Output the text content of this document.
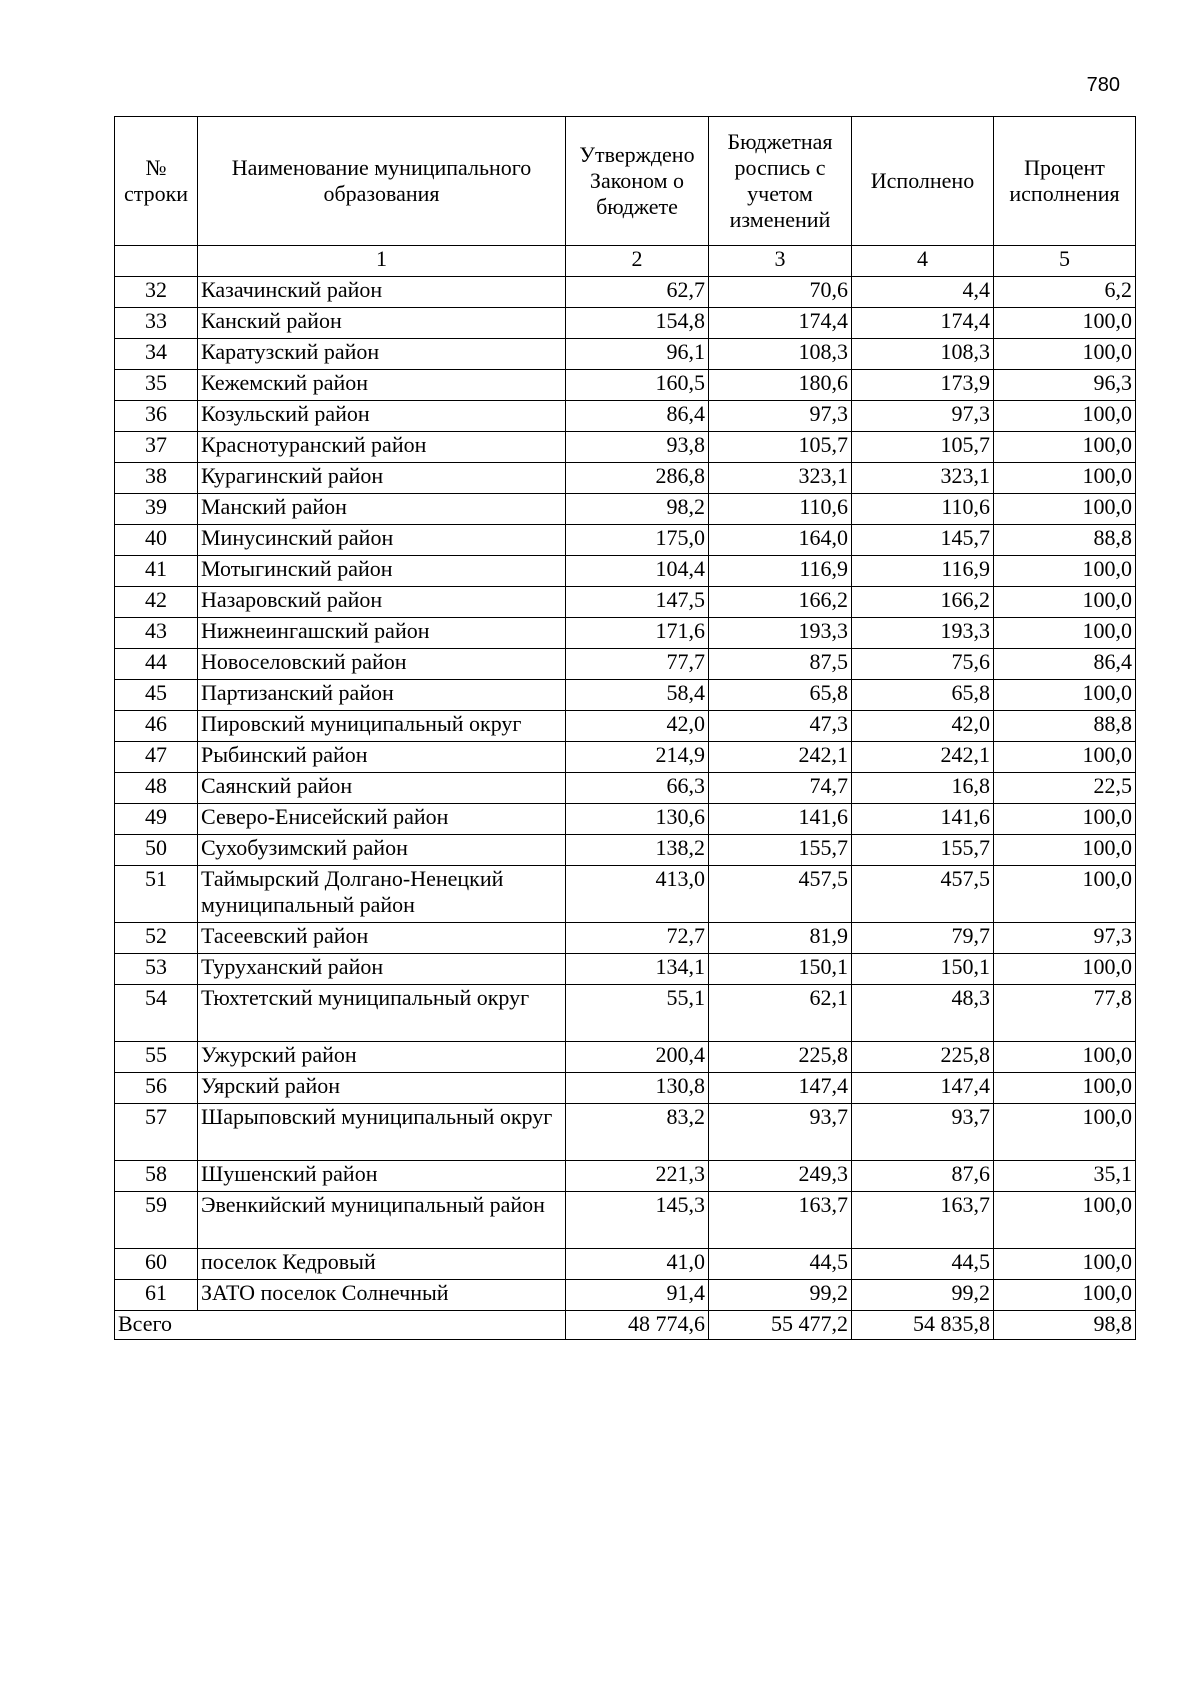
780
№ строки	Наименование муниципального образования	Утверждено Законом о бюджете	Бюджетная роспись с учетом изменений	Исполнено	Процент исполнения
	1	2	3	4	5
32	Казачинский район	62,7	70,6	4,4	6,2
33	Канский район	154,8	174,4	174,4	100,0
34	Каратузский район	96,1	108,3	108,3	100,0
35	Кежемский район	160,5	180,6	173,9	96,3
36	Козульский район	86,4	97,3	97,3	100,0
37	Краснотуранский район	93,8	105,7	105,7	100,0
38	Курагинский район	286,8	323,1	323,1	100,0
39	Манский район	98,2	110,6	110,6	100,0
40	Минусинский район	175,0	164,0	145,7	88,8
41	Мотыгинский район	104,4	116,9	116,9	100,0
42	Назаровский район	147,5	166,2	166,2	100,0
43	Нижнеингашский район	171,6	193,3	193,3	100,0
44	Новоселовский район	77,7	87,5	75,6	86,4
45	Партизанский район	58,4	65,8	65,8	100,0
46	Пировский муниципальный округ	42,0	47,3	42,0	88,8
47	Рыбинский район	214,9	242,1	242,1	100,0
48	Саянский район	66,3	74,7	16,8	22,5
49	Северо-Енисейский район	130,6	141,6	141,6	100,0
50	Сухобузимский район	138,2	155,7	155,7	100,0
51	Таймырский Долгано-Ненецкий муниципальный район	413,0	457,5	457,5	100,0
52	Тасеевский район	72,7	81,9	79,7	97,3
53	Туруханский район	134,1	150,1	150,1	100,0
54	Тюхтетский муниципальный округ	55,1	62,1	48,3	77,8
55	Ужурский район	200,4	225,8	225,8	100,0
56	Уярский район	130,8	147,4	147,4	100,0
57	Шарыповский муниципальный округ	83,2	93,7	93,7	100,0
58	Шушенский район	221,3	249,3	87,6	35,1
59	Эвенкийский муниципальный район	145,3	163,7	163,7	100,0
60	поселок Кедровый	41,0	44,5	44,5	100,0
61	ЗАТО поселок Солнечный	91,4	99,2	99,2	100,0
Всего		48 774,6	55 477,2	54 835,8	98,8
